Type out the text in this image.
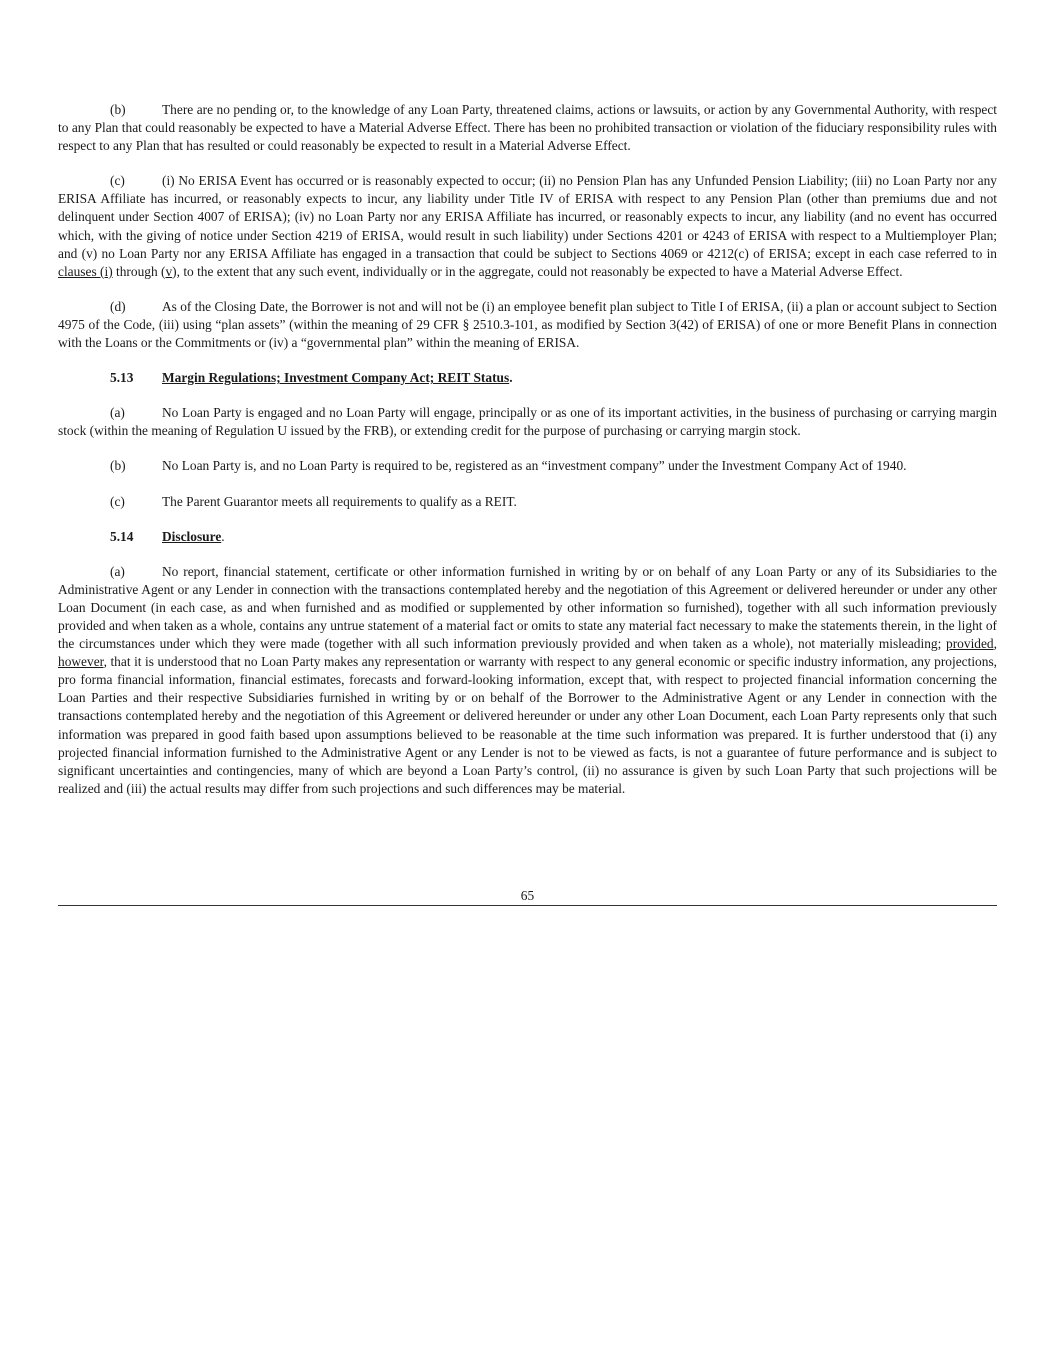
(b)	There are no pending or, to the knowledge of any Loan Party, threatened claims, actions or lawsuits, or action by any Governmental Authority, with respect to any Plan that could reasonably be expected to have a Material Adverse Effect. There has been no prohibited transaction or violation of the fiduciary responsibility rules with respect to any Plan that has resulted or could reasonably be expected to result in a Material Adverse Effect.

(c)	(i) No ERISA Event has occurred or is reasonably expected to occur; (ii) no Pension Plan has any Unfunded Pension Liability; (iii) no Loan Party nor any ERISA Affiliate has incurred, or reasonably expects to incur, any liability under Title IV of ERISA with respect to any Pension Plan (other than premiums due and not delinquent under Section 4007 of ERISA); (iv) no Loan Party nor any ERISA Affiliate has incurred, or reasonably expects to incur, any liability (and no event has occurred which, with the giving of notice under Section 4219 of ERISA, would result in such liability) under Sections 4201 or 4243 of ERISA with respect to a Multiemployer Plan; and (v) no Loan Party nor any ERISA Affiliate has engaged in a transaction that could be subject to Sections 4069 or 4212(c) of ERISA; except in each case referred to in clauses (i) through (v), to the extent that any such event, individually or in the aggregate, could not reasonably be expected to have a Material Adverse Effect.

(d)	As of the Closing Date, the Borrower is not and will not be (i) an employee benefit plan subject to Title I of ERISA, (ii) a plan or account subject to Section 4975 of the Code, (iii) using “plan assets” (within the meaning of 29 CFR § 2510.3-101, as modified by Section 3(42) of ERISA) of one or more Benefit Plans in connection with the Loans or the Commitments or (iv) a “governmental plan” within the meaning of ERISA.

5.13 Margin Regulations; Investment Company Act; REIT Status.

(a)	No Loan Party is engaged and no Loan Party will engage, principally or as one of its important activities, in the business of purchasing or carrying margin stock (within the meaning of Regulation U issued by the FRB), or extending credit for the purpose of purchasing or carrying margin stock.

(b)	No Loan Party is, and no Loan Party is required to be, registered as an “investment company” under the Investment Company Act of 1940.

(c)	The Parent Guarantor meets all requirements to qualify as a REIT.

5.14 Disclosure.

(a)	No report, financial statement, certificate or other information furnished in writing by or on behalf of any Loan Party or any of its Subsidiaries to the Administrative Agent or any Lender in connection with the transactions contemplated hereby and the negotiation of this Agreement or delivered hereunder or under any other Loan Document (in each case, as and when furnished and as modified or supplemented by other information so furnished), together with all such information previously provided and when taken as a whole, contains any untrue statement of a material fact or omits to state any material fact necessary to make the statements therein, in the light of the circumstances under which they were made (together with all such information previously provided and when taken as a whole), not materially misleading; provided, however, that it is understood that no Loan Party makes any representation or warranty with respect to any general economic or specific industry information, any projections, pro forma financial information, financial estimates, forecasts and forward-looking information, except that, with respect to projected financial information concerning the Loan Parties and their respective Subsidiaries furnished in writing by or on behalf of the Borrower to the Administrative Agent or any Lender in connection with the transactions contemplated hereby and the negotiation of this Agreement or delivered hereunder or under any other Loan Document, each Loan Party represents only that such information was prepared in good faith based upon assumptions believed to be reasonable at the time such information was prepared. It is further understood that (i) any projected financial information furnished to the Administrative Agent or any Lender is not to be viewed as facts, is not a guarantee of future performance and is subject to significant uncertainties and contingencies, many of which are beyond a Loan Party’s control, (ii) no assurance is given by such Loan Party that such projections will be realized and (iii) the actual results may differ from such projections and such differences may be material.

65
